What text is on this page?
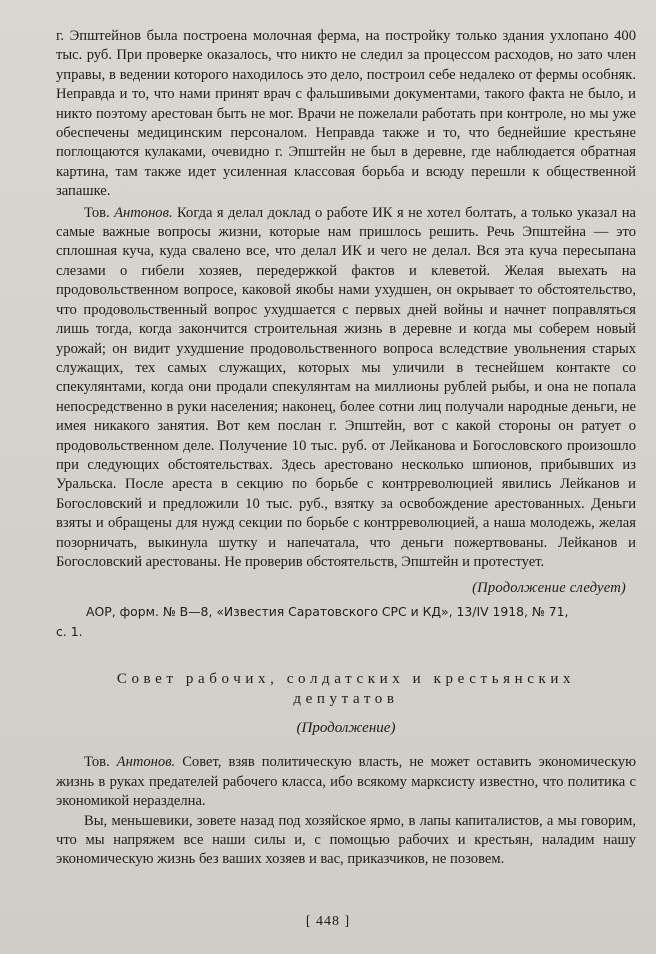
г. Эпштейнов была построена молочная ферма, на постройку только здания ухлопано 400 тыс. руб. При проверке оказалось, что никто не следил за процессом расходов, но зато член управы, в ведении которого находилось это дело, построил себе недалеко от фермы особняк. Неправда и то, что нами принят врач с фальшивыми документами, такого факта не было, и никто поэтому арестован быть не мог. Врачи не пожелали работать при контроле, но мы уже обеспечены медицинским персоналом. Неправда также и то, что беднейшие крестьяне поглощаются кулаками, очевидно г. Эпштейн не был в деревне, где наблюдается обратная картина, там также идет усиленная классовая борьба и всюду перешли к общественной запашке.

Тов. Антонов. Когда я делал доклад о работе ИК я не хотел болтать, а только указал на самые важные вопросы жизни, которые нам пришлось решить. Речь Эпштейна — это сплошная куча, куда свалено все, что делал ИК и чего не делал. Вся эта куча пересыпана слезами о гибели хозяев, передержкой фактов и клеветой. Желая выехать на продовольственном вопросе, каковой якобы нами ухудшен, он окрывает то обстоятельство, что продовольственный вопрос ухудшается с первых дней войны и начнет поправляться лишь тогда, когда закончится строительная жизнь в деревне и когда мы соберем новый урожай; он видит ухудшение продовольственного вопроса вследствие увольнения старых служащих, тех самых служащих, которых мы уличили в теснейшем контакте со спекулянтами, когда они продали спекулянтам на миллионы рублей рыбы, и она не попала непосредственно в руки населения; наконец, более сотни лиц получали народные деньги, не имея никакого занятия. Вот кем послан г. Эпштейн, вот с какой стороны он ратует о продовольственном деле. Получение 10 тыс. руб. от Лейканова и Богословского произошло при следующих обстоятельствах. Здесь арестовано несколько шпионов, прибывших из Уральска. После ареста в секцию по борьбе с контрреволюцией явились Лейканов и Богословский и предложили 10 тыс. руб., взятку за освобождение арестованных. Деньги взяты и обращены для нужд секции по борьбе с контрреволюцией, а наша молодежь, желая позорничать, выкинула шутку и напечатала, что деньги пожертвованы. Лейканов и Богословский арестованы. Не проверив обстоятельств, Эпштейн и протестует.

(Продолжение следует)
АОР, форм. № В—8, «Известия Саратовского СРС и КД», 13/IV 1918, № 71,
с. 1.
Совет рабочих, солдатских и крестьянских
депутатов
(Продолжение)

Тов. Антонов. Совет, взяв политическую власть, не может оставить экономическую жизнь в руках предателей рабочего класса, ибо всякому марксисту известно, что политика с экономикой неразделна.

Вы, меньшевики, зовете назад под хозяйское ярмо, в лапы капиталистов, а мы говорим, что мы напряжем все наши силы и, с помощью рабочих и крестьян, наладим нашу экономическую жизнь без ваших хозяев и вас, приказчиков, не позовем.

[ 448 ]
